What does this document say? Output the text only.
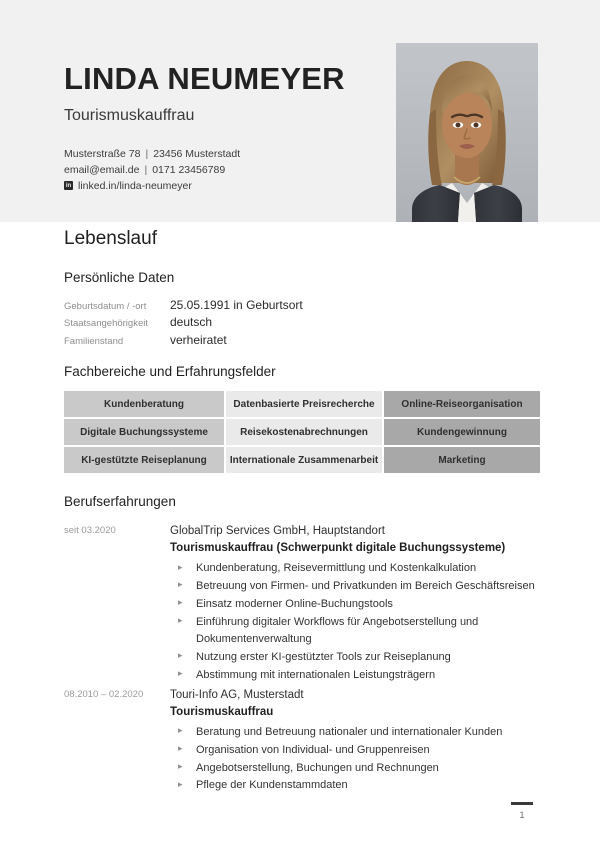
LINDA NEUMEYER
Tourismuskauffrau
Musterstraße 78 | 23456 Musterstadt
email@email.de | 0171 23456789
in linked.in/linda-neumeyer
Lebenslauf
Persönliche Daten
Geburtsdatum / -ort	25.05.1991 in Geburtsort
Staatsangehörigkeit	deutsch
Familienstand	verheiratet
Fachbereiche und Erfahrungsfelder
Kundenberatung	Datenbasierte Preisrecherche	Online-Reiseorganisation
Digitale Buchungssysteme	Reisekostenabrechnungen	Kundengewinnung
KI-gestützte Reiseplanung	Internationale Zusammenarbeit	Marketing
Berufserfahrungen
seit 03.2020	GlobalTrip Services GmbH, Hauptstandort
Tourismuskauffrau (Schwerpunkt digitale Buchungssysteme)
▸ Kundenberatung, Reisevermittlung und Kostenkalkulation
▸ Betreuung von Firmen- und Privatkunden im Bereich Geschäftsreisen
▸ Einsatz moderner Online-Buchungstools
▸ Einführung digitaler Workflows für Angebotserstellung und Dokumentenverwaltung
▸ Nutzung erster KI-gestützter Tools zur Reiseplanung
▸ Abstimmung mit internationalen Leistungsträgern
08.2010 – 02.2020	Touri-Info AG, Musterstadt
Tourismuskauffrau
▸ Beratung und Betreuung nationaler und internationaler Kunden
▸ Organisation von Individual- und Gruppenreisen
▸ Angebotserstellung, Buchungen und Rechnungen
▸ Pflege der Kundenstammdaten
1
